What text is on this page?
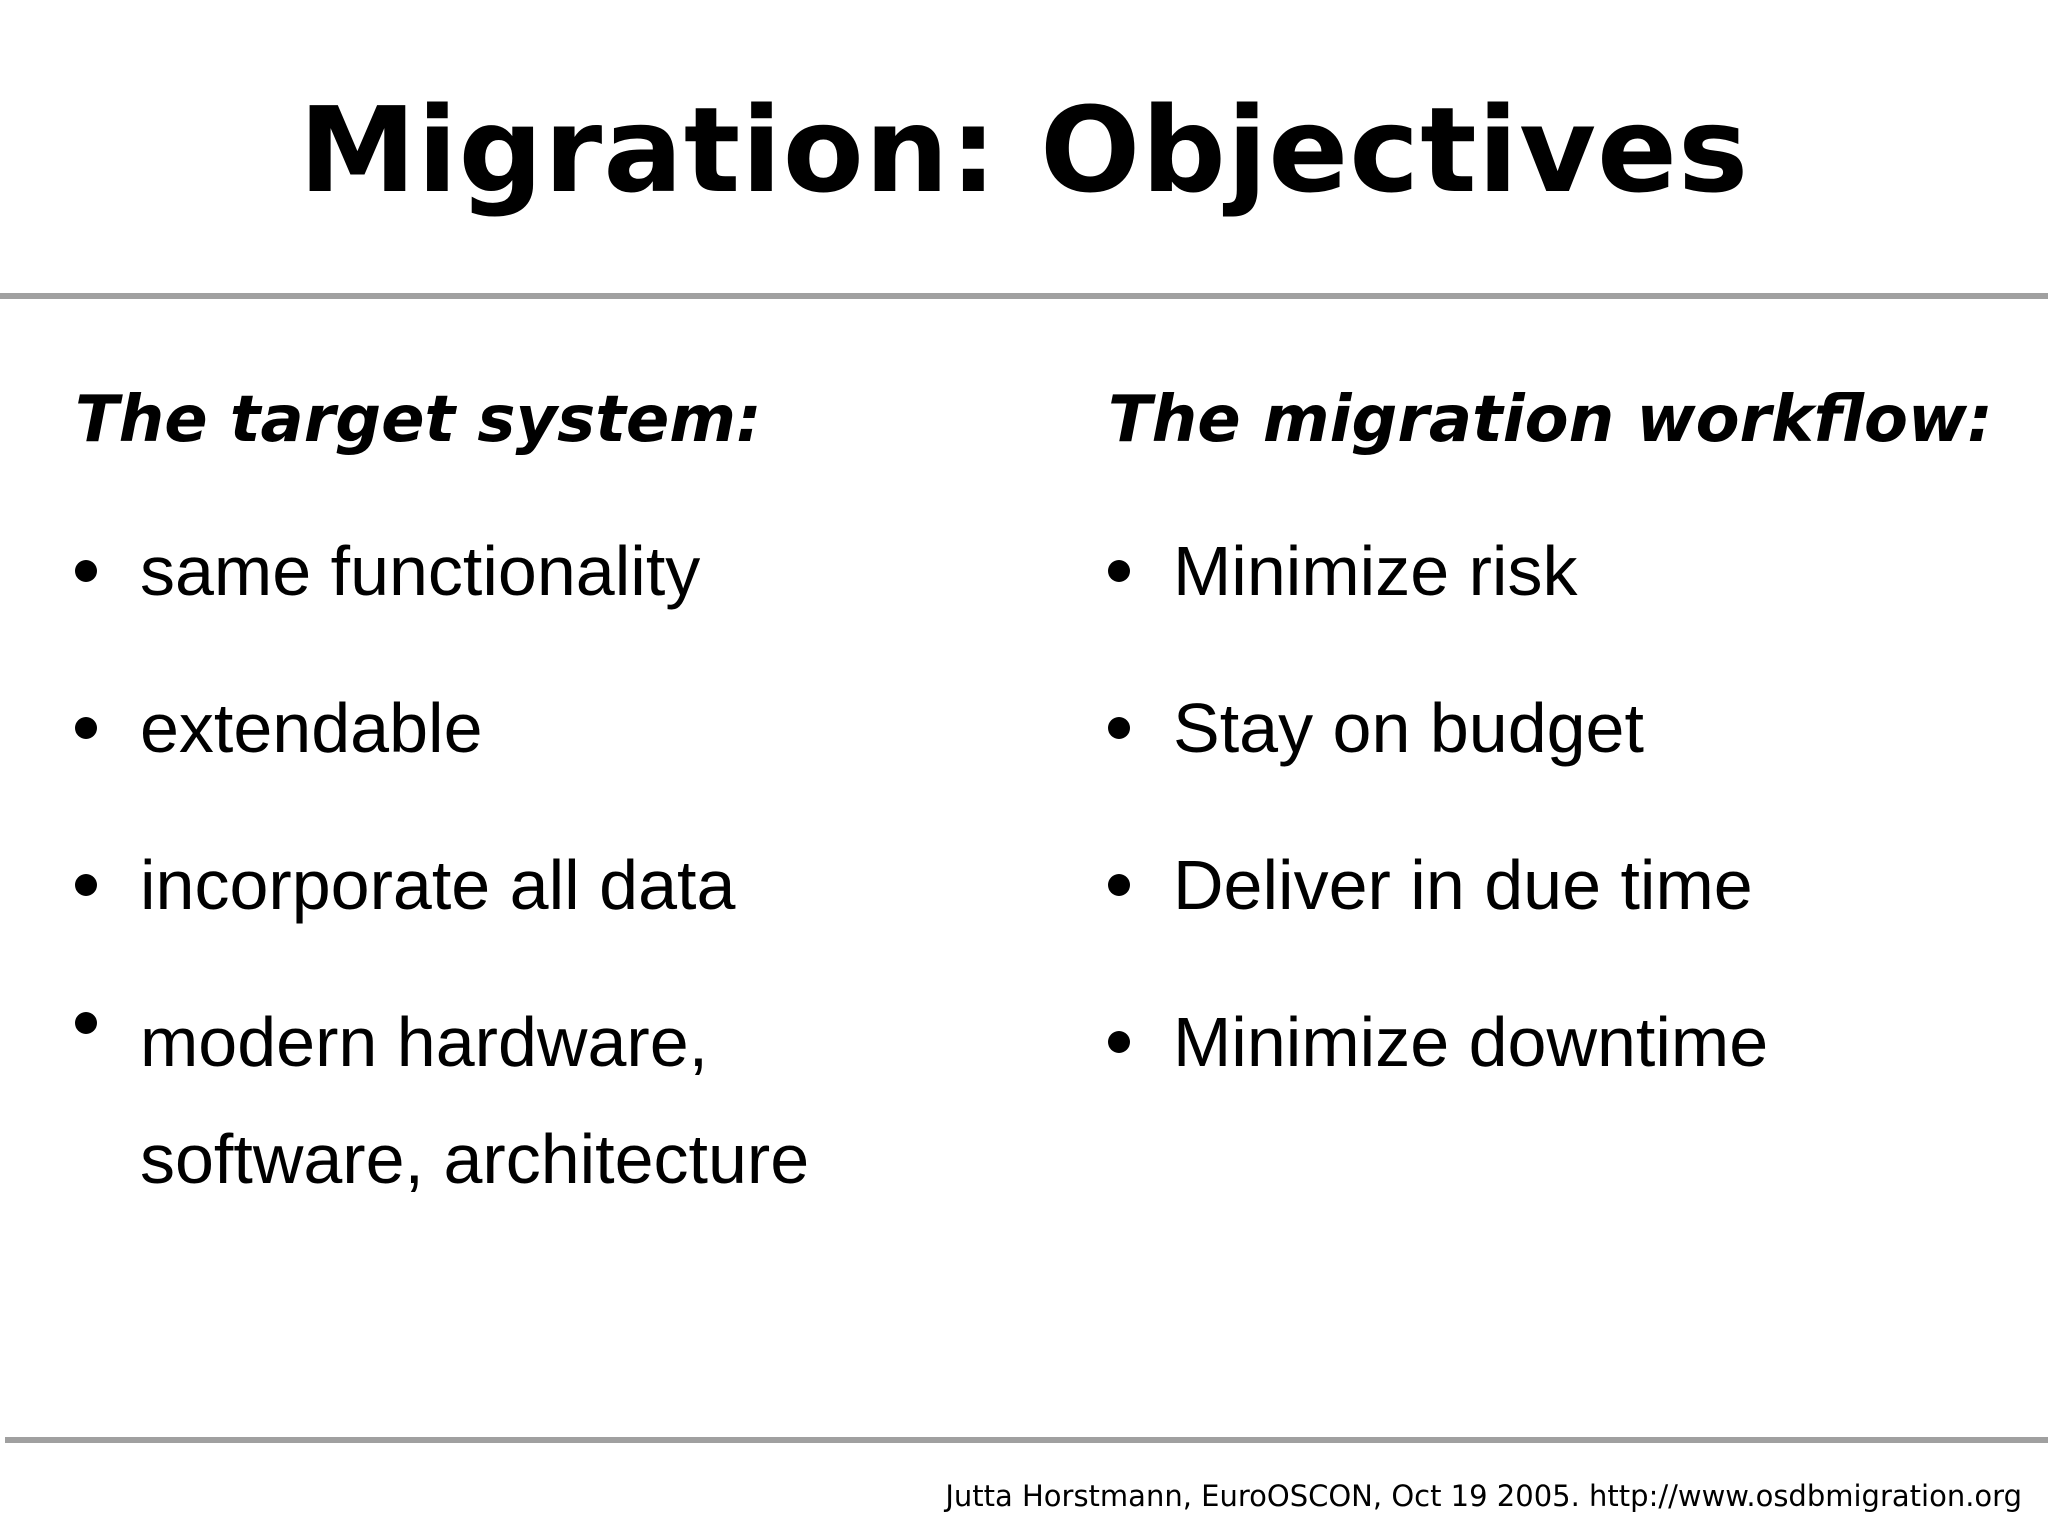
Migration: Objectives
The target system:
same functionality
extendable
incorporate all data
modern hardware, software, architecture
The migration workflow:
Minimize risk
Stay on budget
Deliver in due time
Minimize downtime
Jutta Horstmann, EuroOSCON, Oct 19 2005. http://www.osdbmigration.org
